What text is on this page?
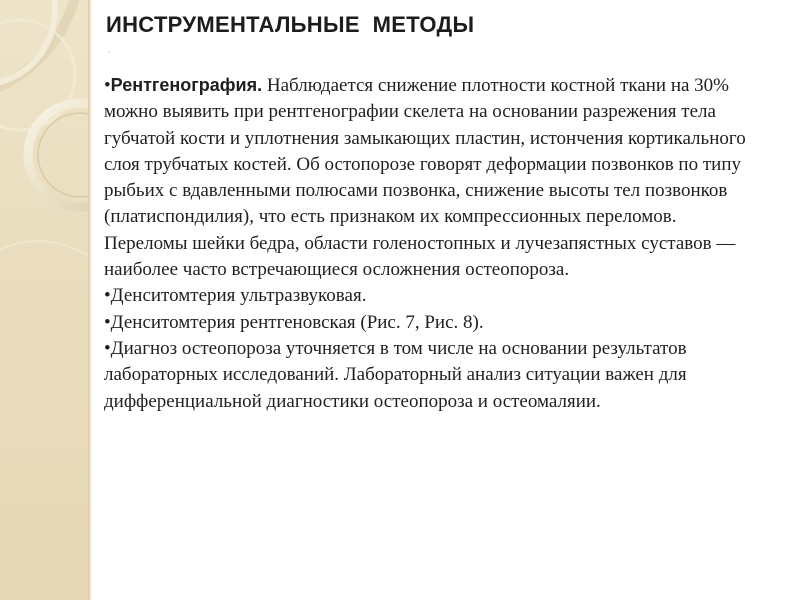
ИНСТРУМЕНТАЛЬНЫЕ  МЕТОДЫ
·

•Рентгенография. Наблюдается снижение плотности костной ткани на 30% можно выявить при рентгенографии скелета на основании разрежения тела губчатой кости и уплотнения замыкающих пластин, истончения кортикального слоя трубчатых костей. Об остопорозе говорят деформации позвонков по типу рыбьих с вдавленными полюсами позвонка, снижение высоты тел позвонков (платиспондилия), что есть признаком их компрессионных переломов. Переломы шейки бедра, области голеностопных и лучезапястных суставов — наиболее часто встречающиеся осложнения остеопороза.

•Денситомтерия ультразвуковая.

•Денситомтерия рентгеновская (Рис. 7, Рис. 8).

•Диагноз остеопороза уточняется в том числе на основании результатов лабораторных исследований. Лабораторный анализ ситуации важен для дифференциальной диагностики остеопороза и остеомаляии.
